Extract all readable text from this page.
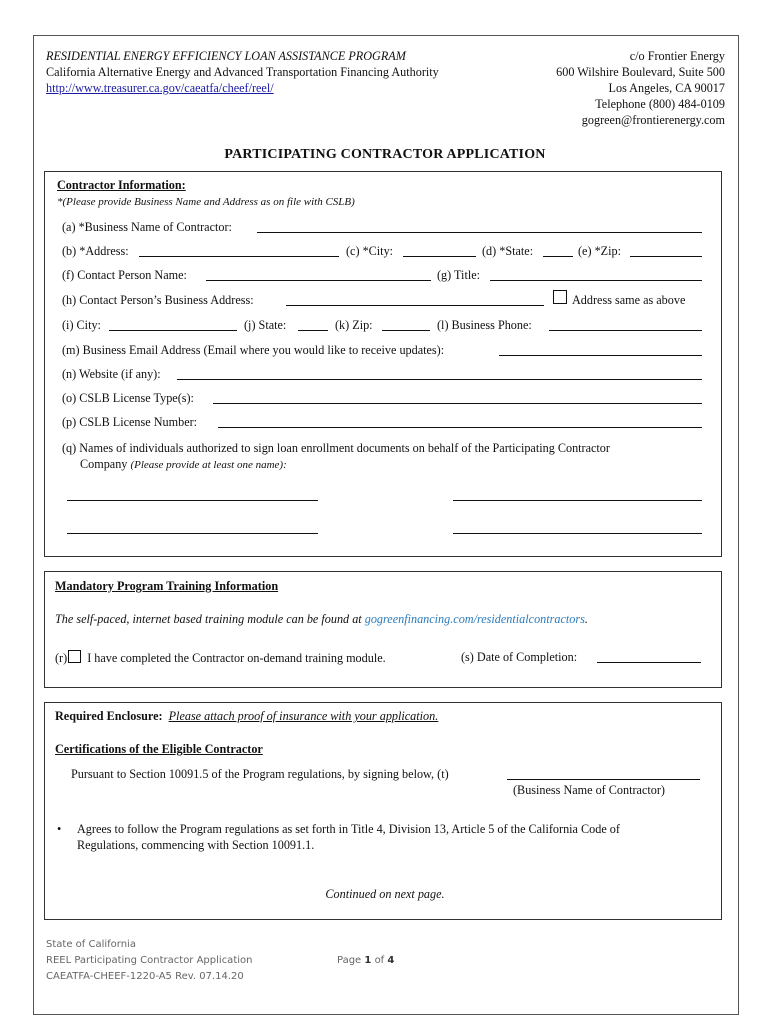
RESIDENTIAL ENERGY EFFICIENCY LOAN ASSISTANCE PROGRAM
California Alternative Energy and Advanced Transportation Financing Authority
http://www.treasurer.ca.gov/caeatfa/cheef/reel/
c/o Frontier Energy
600 Wilshire Boulevard, Suite 500
Los Angeles, CA 90017
Telephone (800) 484-0109
gogreen@frontierenergy.com
PARTICIPATING CONTRACTOR APPLICATION
Contractor Information:
*(Please provide Business Name and Address as on file with CSLB)
(a) *Business Name of Contractor:
(b) *Address:	(c) *City:	(d) *State:	(e) *Zip:
(f) Contact Person Name:	(g) Title:
(h) Contact Person’s Business Address:	Address same as above
(i) City:	(j) State:	(k) Zip:	(l) Business Phone:
(m) Business Email Address (Email where you would like to receive updates):
(n) Website (if any):
(o) CSLB License Type(s):
(p) CSLB License Number:
(q) Names of individuals authorized to sign loan enrollment documents on behalf of the Participating Contractor
Company (Please provide at least one name):
Mandatory Program Training Information
The self-paced, internet based training module can be found at gogreenfinancing.com/residentialcontractors.
(r) I have completed the Contractor on-demand training module.	(s) Date of Completion:
Required Enclosure: Please attach proof of insurance with your application.
Certifications of the Eligible Contractor
Pursuant to Section 10091.5 of the Program regulations, by signing below, (t)
(Business Name of Contractor)
• Agrees to follow the Program regulations as set forth in Title 4, Division 13, Article 5 of the California Code of
Regulations, commencing with Section 10091.1.
Continued on next page.
State of California
REEL Participating Contractor Application
CAEATFA-CHEEF-1220-A5 Rev. 07.14.20
Page 1 of 4
